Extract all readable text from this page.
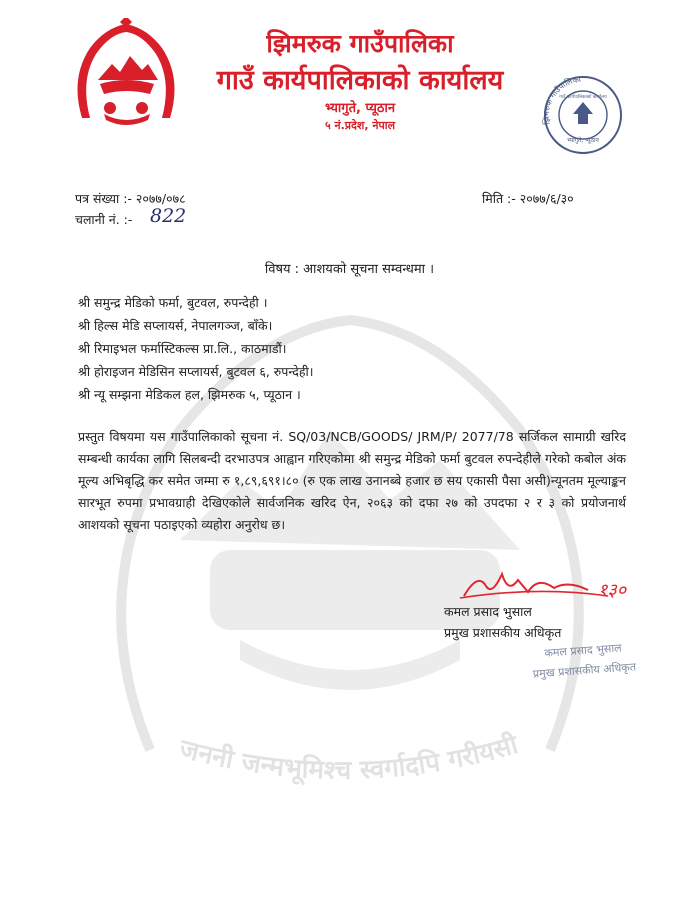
जननी जन्मभूमिश्च स्वर्गादपि गरीयसी
झिमरुक गाउँपालिका
गाउँ कार्यपालिकाको कार्यालय
भ्यागुते, प्यूठान
५ नं.प्रदेश, नेपाल	झिमरुक गाउँपालिका
भ्यागुते, प्यूठान
गाउँ कार्यपालिकाको कार्यालय
पत्र संख्या :- २०७७/०७८
चलानी नं. :- 822
मिति :- २०७७/६/३०
विषय : आशयको सूचना सम्वन्धमा ।
श्री समुन्द्र मेडिको फर्मा, बुटवल, रुपन्देही ।
श्री हिल्स मेडि सप्लायर्स, नेपालगञ्ज, बाँके।
श्री रिमाइभल फर्मास्टिकल्स प्रा.लि., काठमाडौं।
श्री होराइजन मेडिसिन सप्लायर्स, बुटवल ६, रुपन्देही।
श्री न्यू सम्झना मेडिकल हल, झिमरुक ५, प्यूठान ।
प्रस्तुत विषयमा यस गाउँपालिकाको सूचना नं. SQ/03/NCB/GOODS/ JRM/P/ 2077/78 सर्जिकल सामाग्री खरिद सम्बन्धी कार्यका लागि सिलबन्दी दरभाउपत्र आह्वान गरिएकोमा श्री समुन्द्र मेडिको फर्मा बुटवल रुपन्देहीले गरेको कबोल अंक मूल्य अभिबृद्धि कर समेत जम्मा रु १,८९,६९१।८० (रु एक लाख उनानब्बे हजार छ सय एकासी पैसा असी)न्यूनतम मूल्याङ्कन सारभूत रुपमा प्रभावग्राही देखिएकोले सार्वजनिक खरिद ऐन, २०६३ को दफा २७ को उपदफा २ र ३ को प्रयोजनार्थ आशयको सूचना पठाइएको व्यहोरा अनुरोध छ।
१३०
कमल प्रसाद भुसाल
प्रमुख प्रशासकीय अधिकृत
कमल प्रसाद भुसाल
प्रमुख प्रशासकीय अधिकृत
